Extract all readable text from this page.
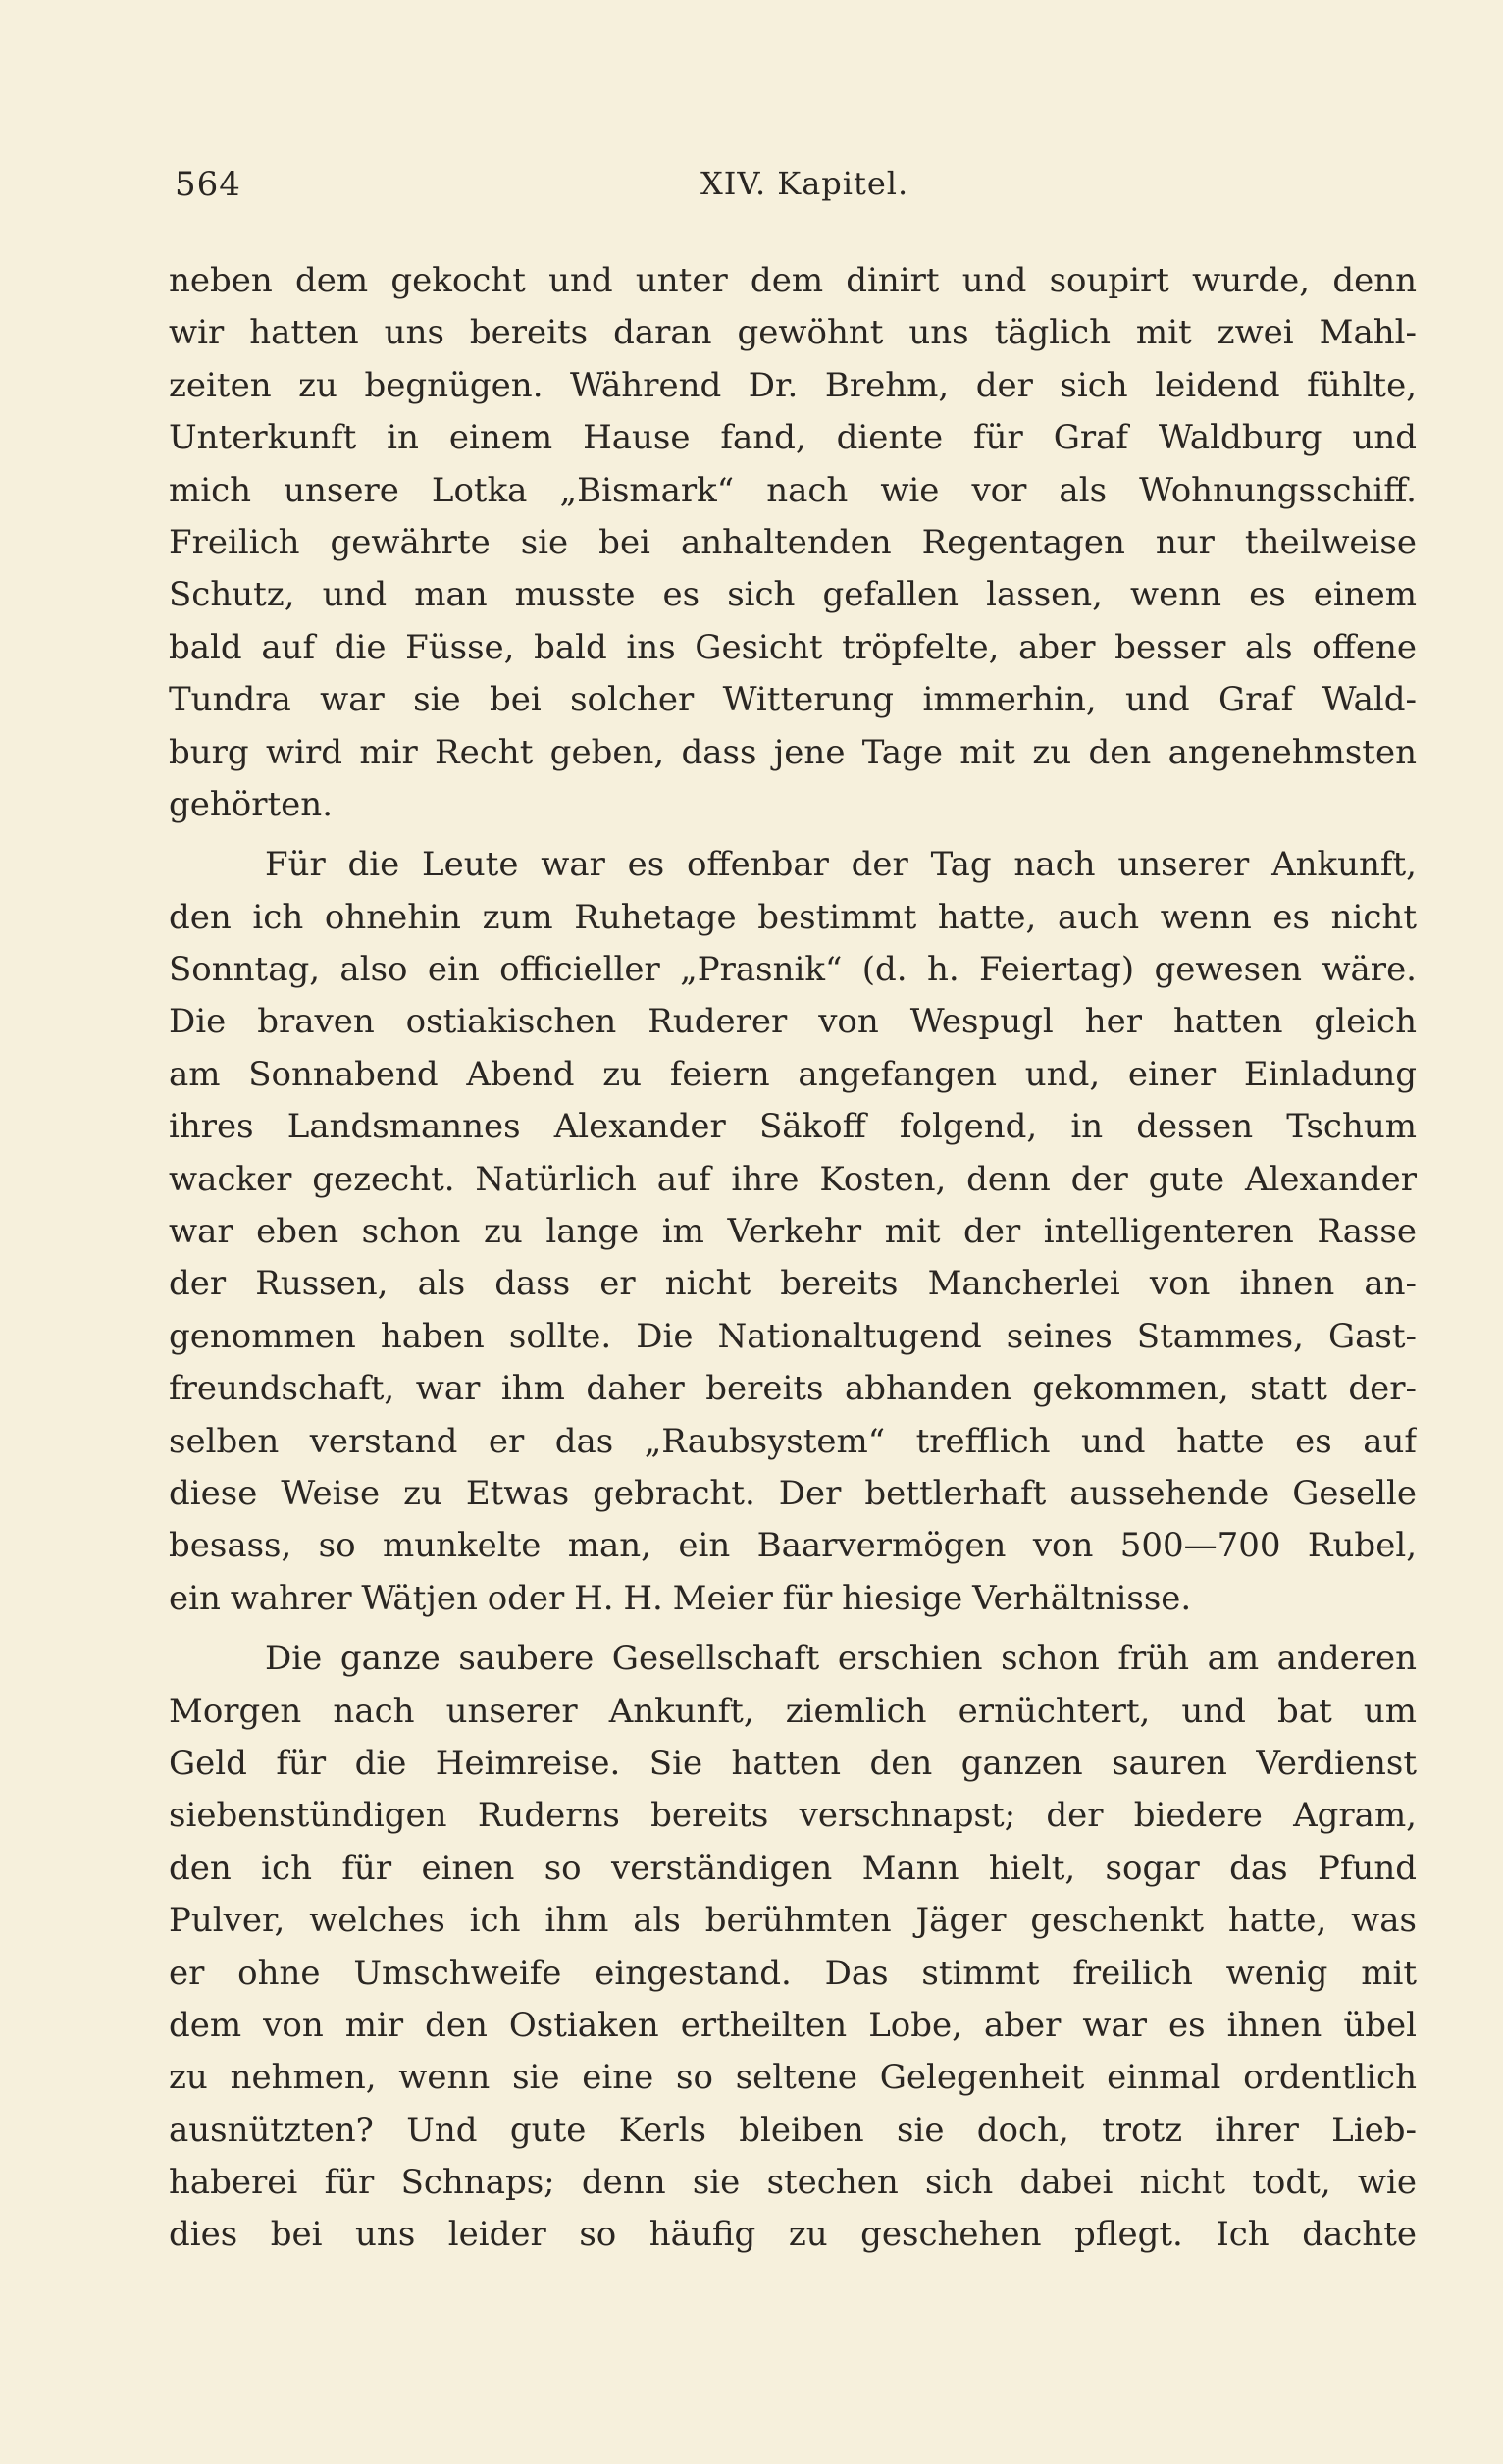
564	XIV. Kapitel.
neben dem gekocht und unter dem dinirt und soupirt wurde, denn
wir hatten uns bereits daran gewöhnt uns täglich mit zwei Mahl-
zeiten zu begnügen. Während Dr. Brehm, der sich leidend fühlte,
Unterkunft in einem Hause fand, diente für Graf Waldburg und
mich unsere Lotka „Bismark“ nach wie vor als Wohnungsschiff.
Freilich gewährte sie bei anhaltenden Regentagen nur theilweise
Schutz, und man musste es sich gefallen lassen, wenn es einem
bald auf die Füsse, bald ins Gesicht tröpfelte, aber besser als offene
Tundra war sie bei solcher Witterung immerhin, und Graf Wald-
burg wird mir Recht geben, dass jene Tage mit zu den angenehmsten
gehörten.
Für die Leute war es offenbar der Tag nach unserer Ankunft,
den ich ohnehin zum Ruhetage bestimmt hatte, auch wenn es nicht
Sonntag, also ein officieller „Prasnik“ (d. h. Feiertag) gewesen wäre.
Die braven ostiakischen Ruderer von Wespugl her hatten gleich
am Sonnabend Abend zu feiern angefangen und, einer Einladung
ihres Landsmannes Alexander Säkoff folgend, in dessen Tschum
wacker gezecht. Natürlich auf ihre Kosten, denn der gute Alexander
war eben schon zu lange im Verkehr mit der intelligenteren Rasse
der Russen, als dass er nicht bereits Mancherlei von ihnen an-
genommen haben sollte. Die Nationaltugend seines Stammes, Gast-
freundschaft, war ihm daher bereits abhanden gekommen, statt der-
selben verstand er das „Raubsystem“ trefflich und hatte es auf
diese Weise zu Etwas gebracht. Der bettlerhaft aussehende Geselle
besass, so munkelte man, ein Baarvermögen von 500—700 Rubel,
ein wahrer Wätjen oder H. H. Meier für hiesige Verhältnisse.
Die ganze saubere Gesellschaft erschien schon früh am anderen
Morgen nach unserer Ankunft, ziemlich ernüchtert, und bat um
Geld für die Heimreise. Sie hatten den ganzen sauren Verdienst
siebenstündigen Ruderns bereits verschnapst; der biedere Agram,
den ich für einen so verständigen Mann hielt, sogar das Pfund
Pulver, welches ich ihm als berühmten Jäger geschenkt hatte, was
er ohne Umschweife eingestand. Das stimmt freilich wenig mit
dem von mir den Ostiaken ertheilten Lobe, aber war es ihnen übel
zu nehmen, wenn sie eine so seltene Gelegenheit einmal ordentlich
ausnützten? Und gute Kerls bleiben sie doch, trotz ihrer Lieb-
haberei für Schnaps; denn sie stechen sich dabei nicht todt, wie
dies bei uns leider so häufig zu geschehen pflegt. Ich dachte
